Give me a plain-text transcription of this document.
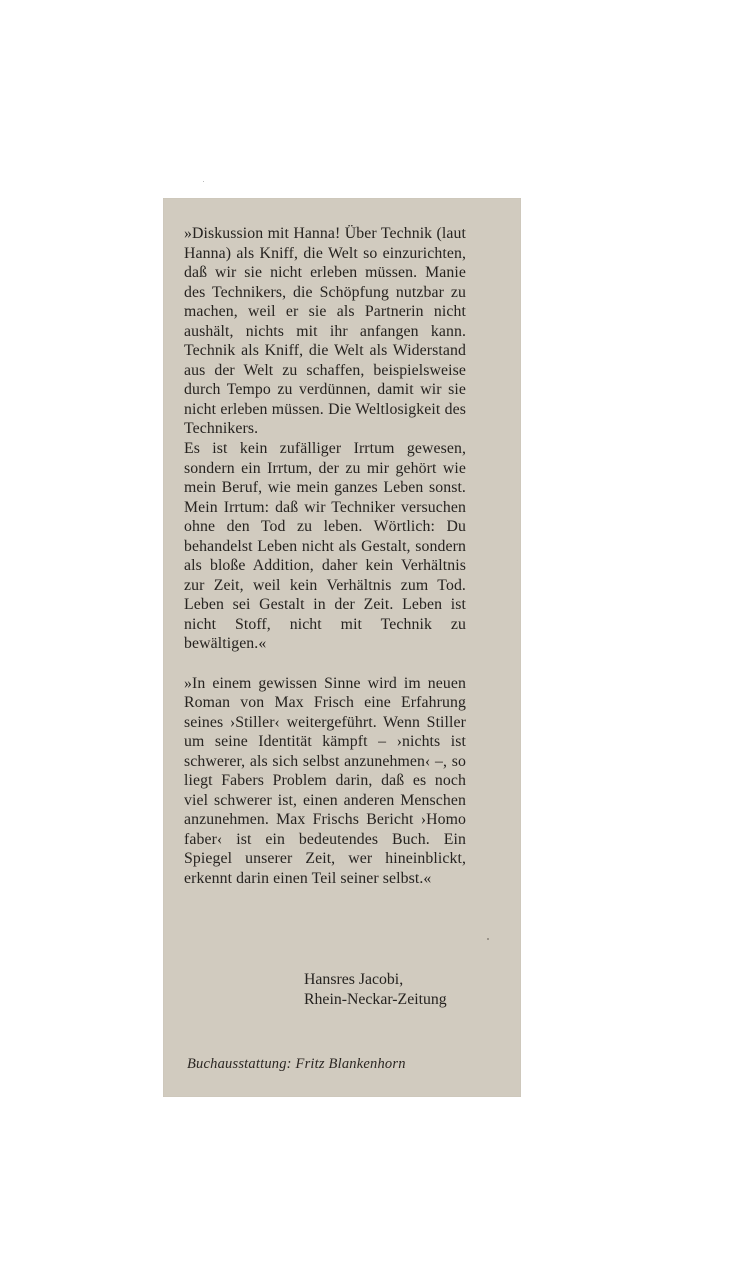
»Diskussion mit Hanna! Über Technik (laut Hanna) als Kniff, die Welt so einzurichten, daß wir sie nicht erleben müssen. Manie des Technikers, die Schöpfung nutzbar zu machen, weil er sie als Partnerin nicht aushält, nichts mit ihr anfangen kann. Technik als Kniff, die Welt als Widerstand aus der Welt zu schaffen, beispielsweise durch Tempo zu verdünnen, damit wir sie nicht erleben müssen. Die Weltlosigkeit des Technikers.

Es ist kein zufälliger Irrtum gewesen, sondern ein Irrtum, der zu mir gehört wie mein Beruf, wie mein ganzes Leben sonst. Mein Irrtum: daß wir Techniker versuchen ohne den Tod zu leben. Wörtlich: Du behandelst Leben nicht als Gestalt, sondern als bloße Addition, daher kein Verhältnis zur Zeit, weil kein Verhältnis zum Tod. Leben sei Gestalt in der Zeit. Leben ist nicht Stoff, nicht mit Technik zu bewältigen.«

»In einem gewissen Sinne wird im neuen Roman von Max Frisch eine Erfahrung seines ›Stiller‹ weitergeführt. Wenn Stiller um seine Identität kämpft – ›nichts ist schwerer, als sich selbst anzunehmen‹ –, so liegt Fabers Problem darin, daß es noch viel schwerer ist, einen anderen Menschen anzunehmen. Max Frischs Bericht ›Homo faber‹ ist ein bedeutendes Buch. Ein Spiegel unserer Zeit, wer hineinblickt, erkennt darin einen Teil seiner selbst.«

Hansres Jacobi,
Rhein-Neckar-Zeitung
Buchausstattung: Fritz Blankenhorn
